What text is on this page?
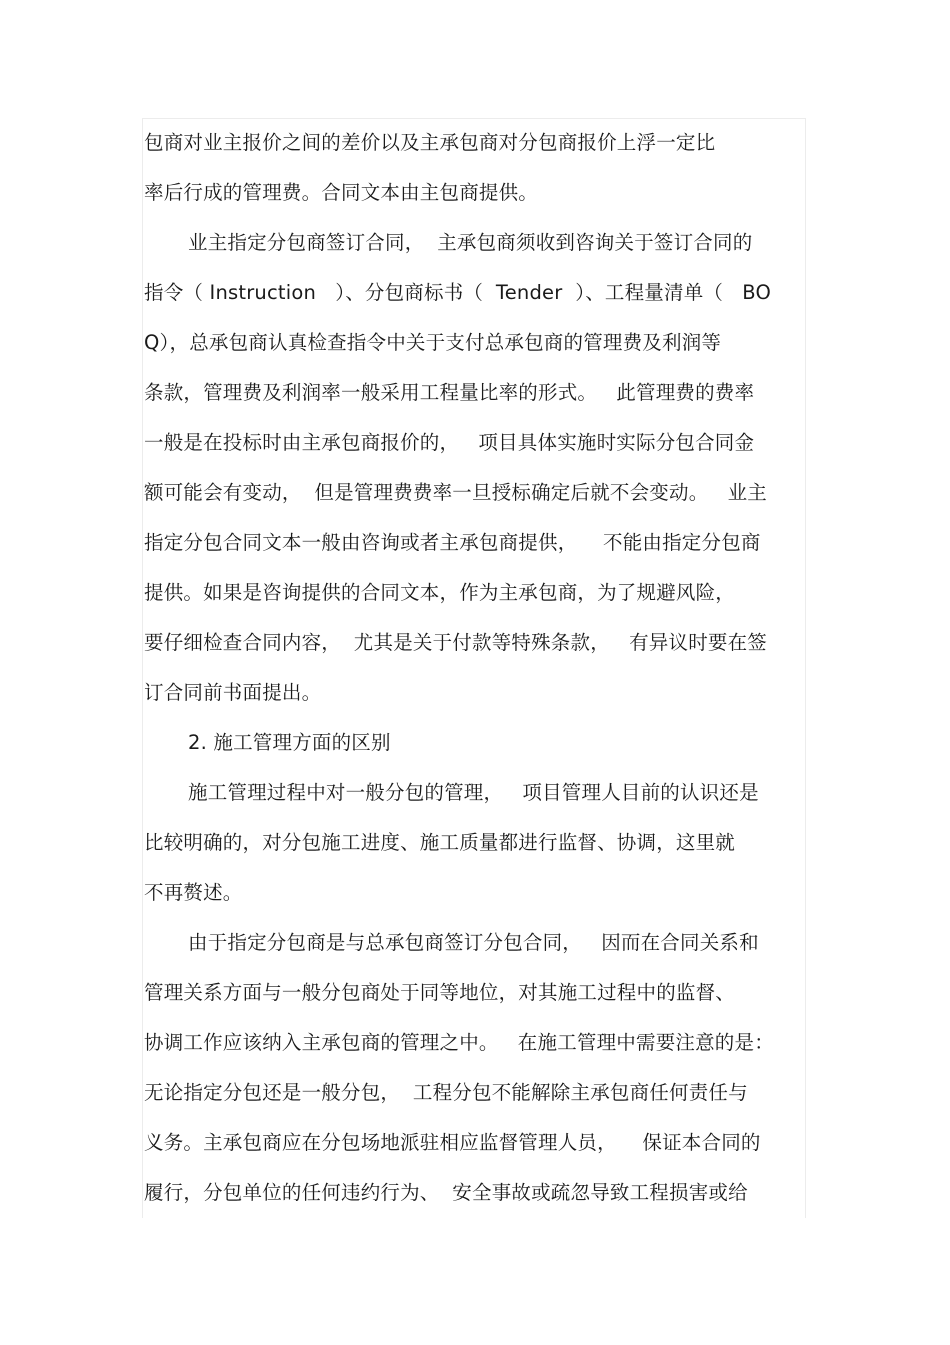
包商对业主报价之间的差价以及主承包商对分包商报价上浮一定比
率后行成的管理费。合同文本由主包商提供。
业主指定分包商签订合同，  主承包商须收到咨询关于签订合同的
指令（ Instruction   ）、分包商标书（  Tender  ）、工程量清单（   BO
Q），总承包商认真检查指令中关于支付总承包商的管理费及利润等
条款，管理费及利润率一般采用工程量比率的形式。   此管理费的费率
一般是在投标时由主承包商报价的，   项目具体实施时实际分包合同金
额可能会有变动，  但是管理费费率一旦授标确定后就不会变动。   业主
指定分包合同文本一般由咨询或者主承包商提供，    不能由指定分包商
提供。如果是咨询提供的合同文本，作为主承包商，为了规避风险，
要仔细检查合同内容，  尤其是关于付款等特殊条款，   有异议时要在签
订合同前书面提出。
2. 施工管理方面的区别
施工管理过程中对一般分包的管理，   项目管理人目前的认识还是
比较明确的，对分包施工进度、施工质量都进行监督、协调，这里就
不再赘述。
由于指定分包商是与总承包商签订分包合同，   因而在合同关系和
管理关系方面与一般分包商处于同等地位，对其施工过程中的监督、
协调工作应该纳入主承包商的管理之中。   在施工管理中需要注意的是：
无论指定分包还是一般分包，  工程分包不能解除主承包商任何责任与
义务。主承包商应在分包场地派驻相应监督管理人员，    保证本合同的
履行，分包单位的任何违约行为、  安全事故或疏忽导致工程损害或给
